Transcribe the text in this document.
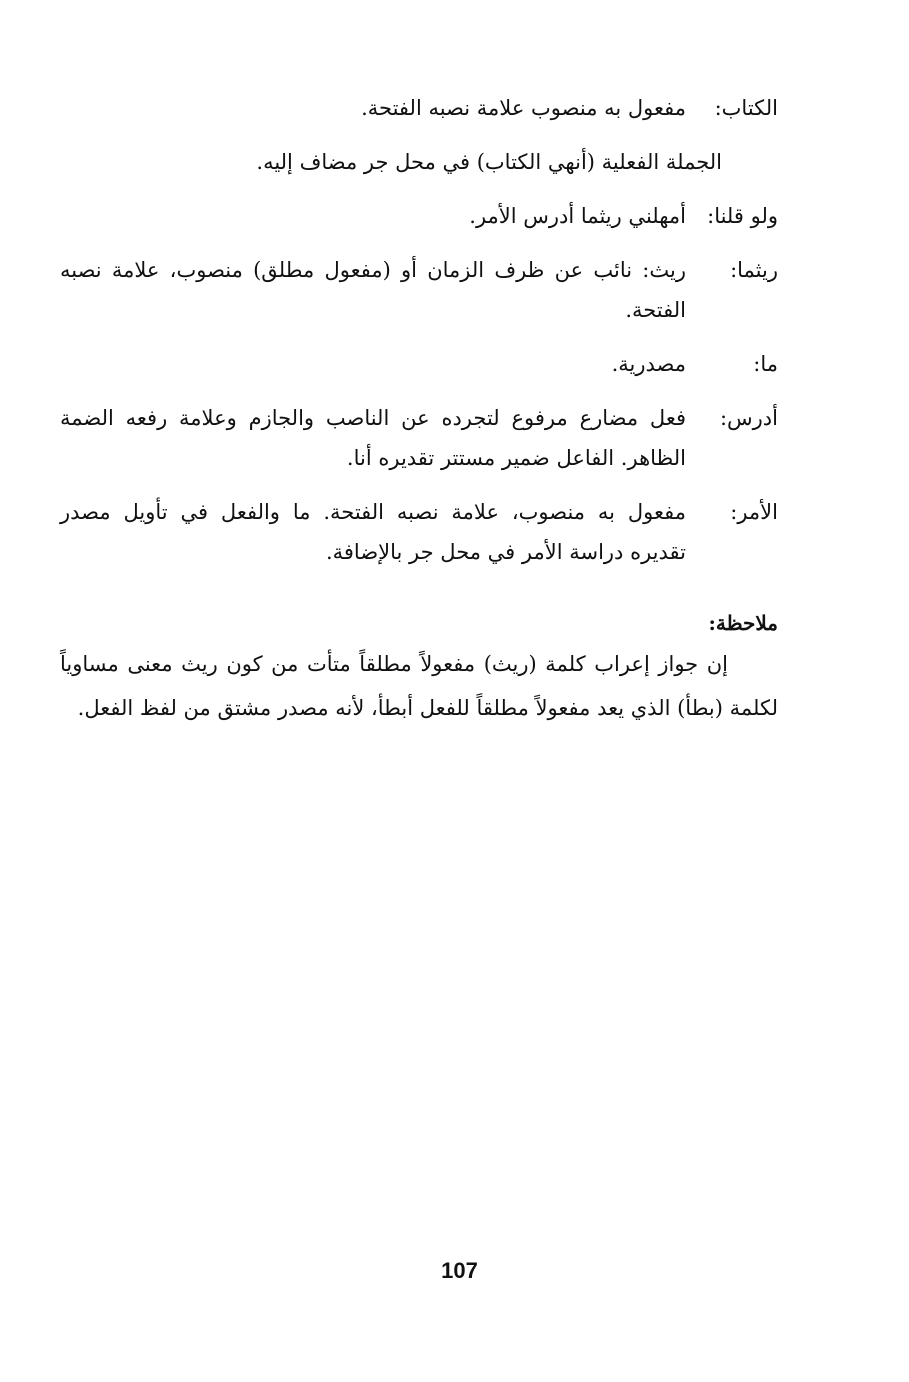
الكتاب:
مفعول به منصوب علامة نصبه الفتحة.
الجملة الفعلية (أنهي الكتاب) في محل جر مضاف إليه.
ولو قلنا:
أمهلني ريثما أدرس الأمر.
ريثما:
ريث: نائب عن ظرف الزمان أو (مفعول مطلق) منصوب، علامة نصبه الفتحة.
ما:
مصدرية.
أدرس:
فعل مضارع مرفوع لتجرده عن الناصب والجازم وعلامة رفعه الضمة الظاهر. الفاعل ضمير مستتر تقديره أنا.
الأمر:
مفعول به منصوب، علامة نصبه الفتحة. ما والفعل في تأويل مصدر تقديره دراسة الأمر في محل جر بالإضافة.
ملاحظة:
إن جواز إعراب كلمة (ريث) مفعولاً مطلقاً متأت من كون ريث معنى مساوياً لكلمة (بطأ) الذي يعد مفعولاً مطلقاً للفعل أبطأ، لأنه مصدر مشتق من لفظ الفعل.
107
